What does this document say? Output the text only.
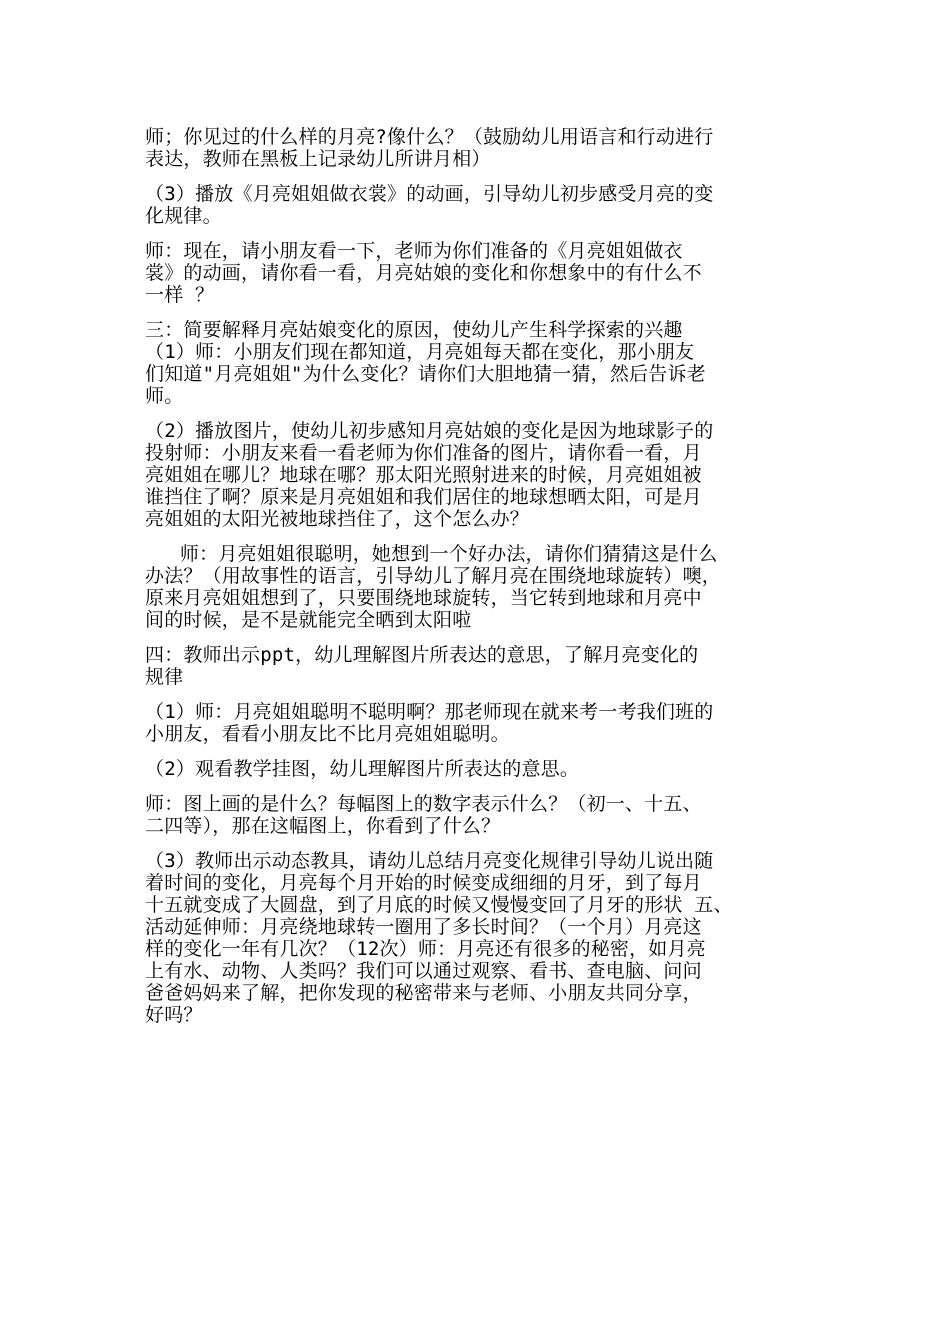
师；你见过的什么样的月亮?像什么？（鼓励幼儿用语言和行动进行
表达，教师在黑板上记录幼儿所讲月相）
（3）播放《月亮姐姐做衣裳》的动画，引导幼儿初步感受月亮的变
化规律。
师：现在，请小朋友看一下，老师为你们准备的《月亮姐姐做衣
裳》的动画，请你看一看，月亮姑娘的变化和你想象中的有什么不
一样 ？
三：简要解释月亮姑娘变化的原因，使幼儿产生科学探索的兴趣
（1）师：小朋友们现在都知道，月亮姐每天都在变化，那小朋友
们知道"月亮姐姐"为什么变化？请你们大胆地猜一猜，然后告诉老
师。
（2）播放图片，使幼儿初步感知月亮姑娘的变化是因为地球影子的
投射师：小朋友来看一看老师为你们准备的图片，请你看一看，月
亮姐姐在哪儿？地球在哪？那太阳光照射进来的时候，月亮姐姐被
谁挡住了啊？原来是月亮姐姐和我们居住的地球想晒太阳，可是月
亮姐姐的太阳光被地球挡住了，这个怎么办？
师：月亮姐姐很聪明，她想到一个好办法，请你们猜猜这是什么
办法？（用故事性的语言，引导幼儿了解月亮在围绕地球旋转）噢，
原来月亮姐姐想到了，只要围绕地球旋转，当它转到地球和月亮中
间的时候，是不是就能完全晒到太阳啦
四：教师出示ppt，幼儿理解图片所表达的意思，了解月亮变化的
规律
（1）师：月亮姐姐聪明不聪明啊？那老师现在就来考一考我们班的
小朋友，看看小朋友比不比月亮姐姐聪明。
（2）观看教学挂图，幼儿理解图片所表达的意思。
师：图上画的是什么？每幅图上的数字表示什么？（初一、十五、
二四等），那在这幅图上，你看到了什么？
（3）教师出示动态教具，请幼儿总结月亮变化规律引导幼儿说出随
着时间的变化，月亮每个月开始的时候变成细细的月牙，到了每月
十五就变成了大圆盘，到了月底的时候又慢慢变回了月牙的形状 五、
活动延伸师：月亮绕地球转一圈用了多长时间？（一个月）月亮这
样的变化一年有几次？（12次）师：月亮还有很多的秘密，如月亮
上有水、动物、人类吗？我们可以通过观察、看书、查电脑、问问
爸爸妈妈来了解，把你发现的秘密带来与老师、小朋友共同分享，
好吗？
